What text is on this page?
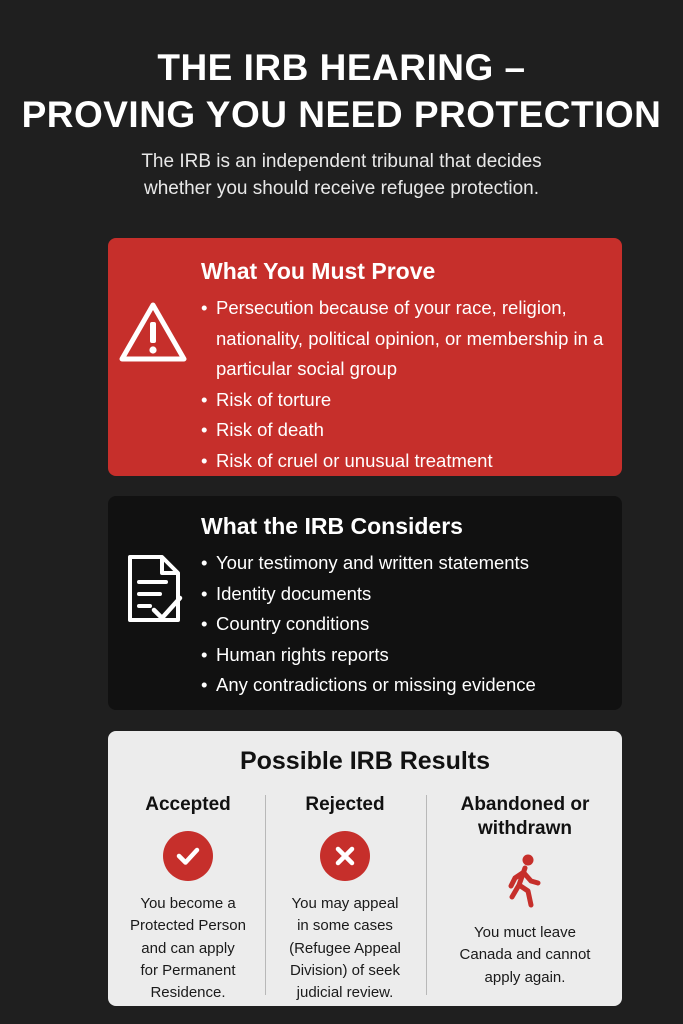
THE IRB HEARING –
PROVING YOU NEED PROTECTION
The IRB is an independent tribunal that decides
whether you should receive refugee protection.
What You Must Prove
• Persecution because of your race, religion, nationality, political opinion, or membership in a particular social group
• Risk of torture
• Risk of death
• Risk of cruel or unusual treatment
What the IRB Considers
• Your testimony and written statements
• Identity documents
• Country conditions
• Human rights reports
• Any contradictions or missing evidence
Possible IRB Results
Accepted
You become a
Protected Person
and can apply
for Permanent
Residence.
Rejected
You may appeal
in some cases
(Refugee Appeal
Division) of seek
judicial review.
Abandoned or
withdrawn
You muct leave
Canada and cannot
apply again.
